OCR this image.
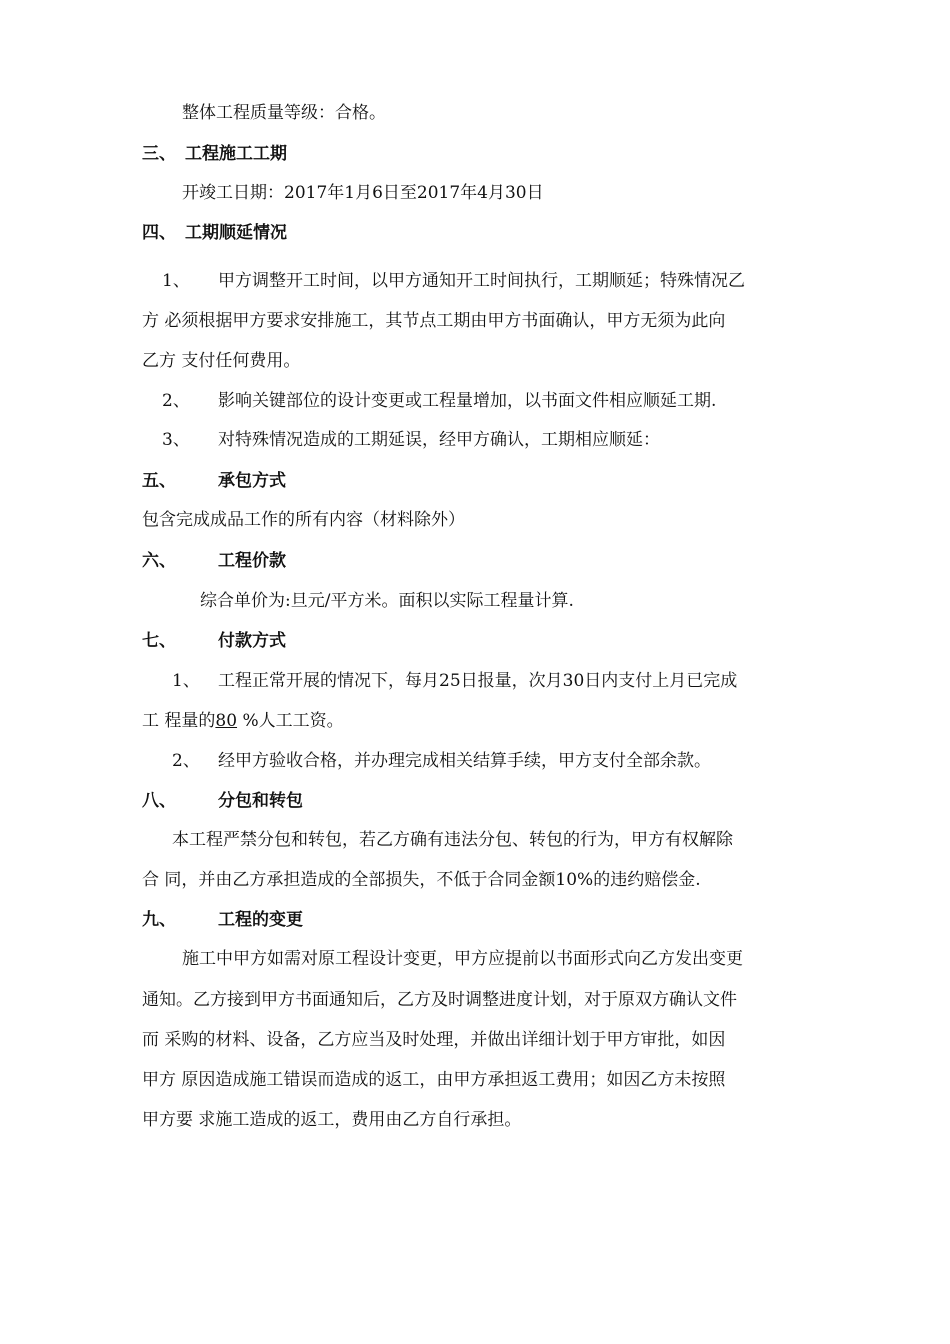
整体工程质量等级：合格。
三、 工程施工工期
开竣工日期：2017年1月6日至2017年4月30日
四、 工期顺延情况
1、 甲方调整开工时间，以甲方通知开工时间执行，工期顺延；特殊情况乙
方 必须根据甲方要求安排施工，其节点工期由甲方书面确认，甲方无须为此向
乙方 支付任何费用。
2、 影响关键部位的设计变更或工程量增加，以书面文件相应顺延工期.
3、 对特殊情况造成的工期延误，经甲方确认，工期相应顺延：
五、 承包方式
包含完成成品工作的所有内容（材料除外）
六、 工程价款
综合单价为:旦元/平方米。面积以实际工程量计算.
七、 付款方式
1、 工程正常开展的情况下，每月25日报量，次月30日内支付上月已完成
工 程量的80 %人工工资。
2、 经甲方验收合格，并办理完成相关结算手续，甲方支付全部余款。
八、 分包和转包
本工程严禁分包和转包，若乙方确有违法分包、转包的行为，甲方有权解除
合 同，并由乙方承担造成的全部损失，不低于合同金额10%的违约赔偿金.
九、 工程的变更
施工中甲方如需对原工程设计变更，甲方应提前以书面形式向乙方发出变更
通知。乙方接到甲方书面通知后，乙方及时调整进度计划，对于原双方确认文件
而 采购的材料、设备，乙方应当及时处理，并做出详细计划于甲方审批，如因
甲方 原因造成施工错误而造成的返工，由甲方承担返工费用；如因乙方未按照
甲方要 求施工造成的返工，费用由乙方自行承担。
